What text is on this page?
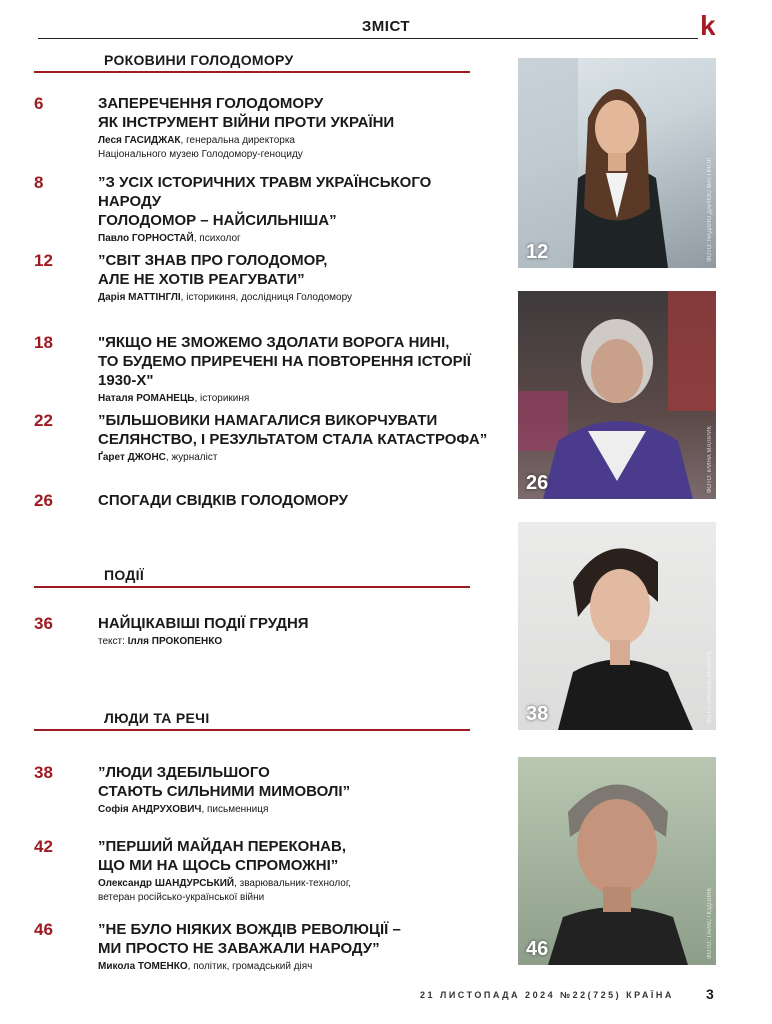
ЗМІСТ	k
РОКОВИНИ ГОЛОДОМОРУ
6	ЗАПЕРЕЧЕННЯ ГОЛОДОМОРУ
ЯК ІНСТРУМЕНТ ВІЙНИ ПРОТИ УКРАЇНИ
Леся ГАСИДЖАК, генеральна директорка
Національного музею Голодомору-геноциду
8	”З УСІХ ІСТОРИЧНИХ ТРАВМ УКРАЇНСЬКОГО НАРОДУ
ГОЛОДОМОР – НАЙСИЛЬНІША”
Павло ГОРНОСТАЙ, психолог
12	”СВІТ ЗНАВ ПРО ГОЛОДОМОР,
АЛЕ НЕ ХОТІВ РЕАГУВАТИ”
Дарія МАТТІНГЛІ, історикиня, дослідниця Голодомору
18	"ЯКЩО НЕ ЗМОЖЕМО ЗДОЛАТИ ВОРОГА НИНІ,
ТО БУДЕМО ПРИРЕЧЕНІ НА ПОВТОРЕННЯ ІСТОРІЇ 1930-Х"
Наталя РОМАНЕЦЬ, історикиня
22	”БІЛЬШОВИКИ НАМАГАЛИСЯ ВИКОРЧУВАТИ
СЕЛЯНСТВО, І РЕЗУЛЬТАТОМ СТАЛА КАТАСТРОФА”
Ґарет ДЖОНС, журналіст
26	СПОГАДИ СВІДКІВ ГОЛОДОМОРУ
ПОДІЇ
36	НАЙЦІКАВІШІ ПОДІЇ ГРУДНЯ
текст: Ілля ПРОКОПЕНКО
ЛЮДИ ТА РЕЧІ
38	”ЛЮДИ ЗДЕБІЛЬШОГО
СТАЮТЬ СИЛЬНИМИ МИМОВОЛІ”
Софія АНДРУХОВИЧ, письменниця
42	”ПЕРШИЙ МАЙДАН ПЕРЕКОНАВ,
ЩО МИ НА ЩОСЬ СПРОМОЖНІ”
Олександр ШАНДУРСЬКИЙ, зварювальник-технолог,
ветеран російсько-української війни
46	”НЕ БУЛО НІЯКИХ ВОЖДІВ РЕВОЛЮЦІЇ –
МИ ПРОСТО НЕ ЗАВАЖАЛИ НАРОДУ”
Микола ТОМЕНКО, політик, громадський діяч
12	ФОТО: НАДАНО ДАРІЄЮ МАТТІНГЛІ
26	ФОТО: ІРИНА МАЛІРИК
38	ФОТО: ВАСИЛЬ КРАВЧУК
46	ФОТО: ТАРАС ПОДОЛЯК
21 ЛИСТОПАДА 2024 №22(725) КРАЇНА 3
